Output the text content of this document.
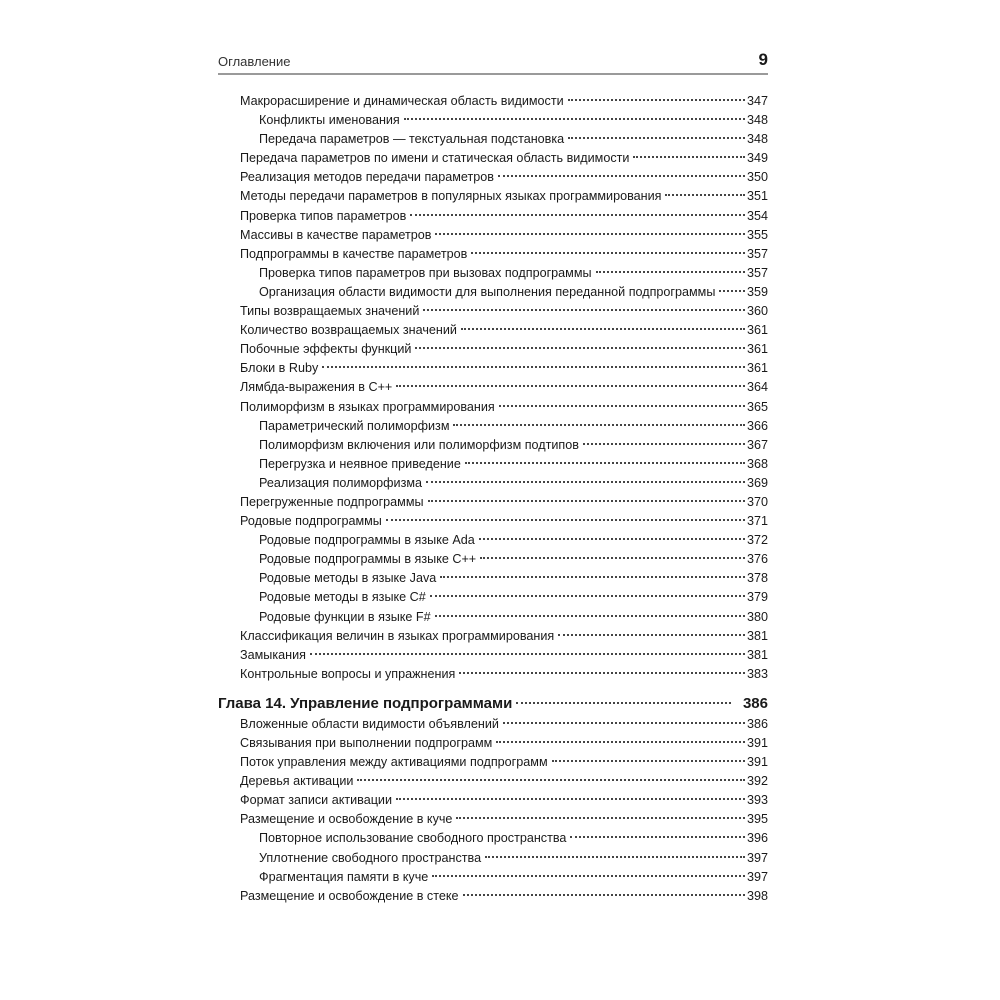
Оглавление	9
Макрорасширение и динамическая область видимости	347
Конфликты именования	348
Передача параметров — текстуальная подстановка	348
Передача параметров по имени и статическая область видимости	349
Реализация методов передачи параметров	350
Методы передачи параметров в популярных языках программирования	351
Проверка типов параметров	354
Массивы в качестве параметров	355
Подпрограммы в качестве параметров	357
Проверка типов параметров при вызовах подпрограммы	357
Организация области видимости для выполнения переданной подпрограммы	359
Типы возвращаемых значений	360
Количество возвращаемых значений	361
Побочные эффекты функций	361
Блоки в Ruby	361
Лямбда-выражения в C++	364
Полиморфизм в языках программирования	365
Параметрический полиморфизм	366
Полиморфизм включения или полиморфизм подтипов	367
Перегрузка и неявное приведение	368
Реализация полиморфизма	369
Перегруженные подпрограммы	370
Родовые подпрограммы	371
Родовые подпрограммы в языке Ada	372
Родовые подпрограммы в языке C++	376
Родовые методы в языке Java	378
Родовые методы в языке C#	379
Родовые функции в языке F#	380
Классификация величин в языках программирования	381
Замыкания	381
Контрольные вопросы и упражнения	383
Глава 14. Управление подпрограммами	386
Вложенные области видимости объявлений	386
Связывания при выполнении подпрограмм	391
Поток управления между активациями подпрограмм	391
Деревья активации	392
Формат записи активации	393
Размещение и освобождение в куче	395
Повторное использование свободного пространства	396
Уплотнение свободного пространства	397
Фрагментация памяти в куче	397
Размещение и освобождение в стеке	398
